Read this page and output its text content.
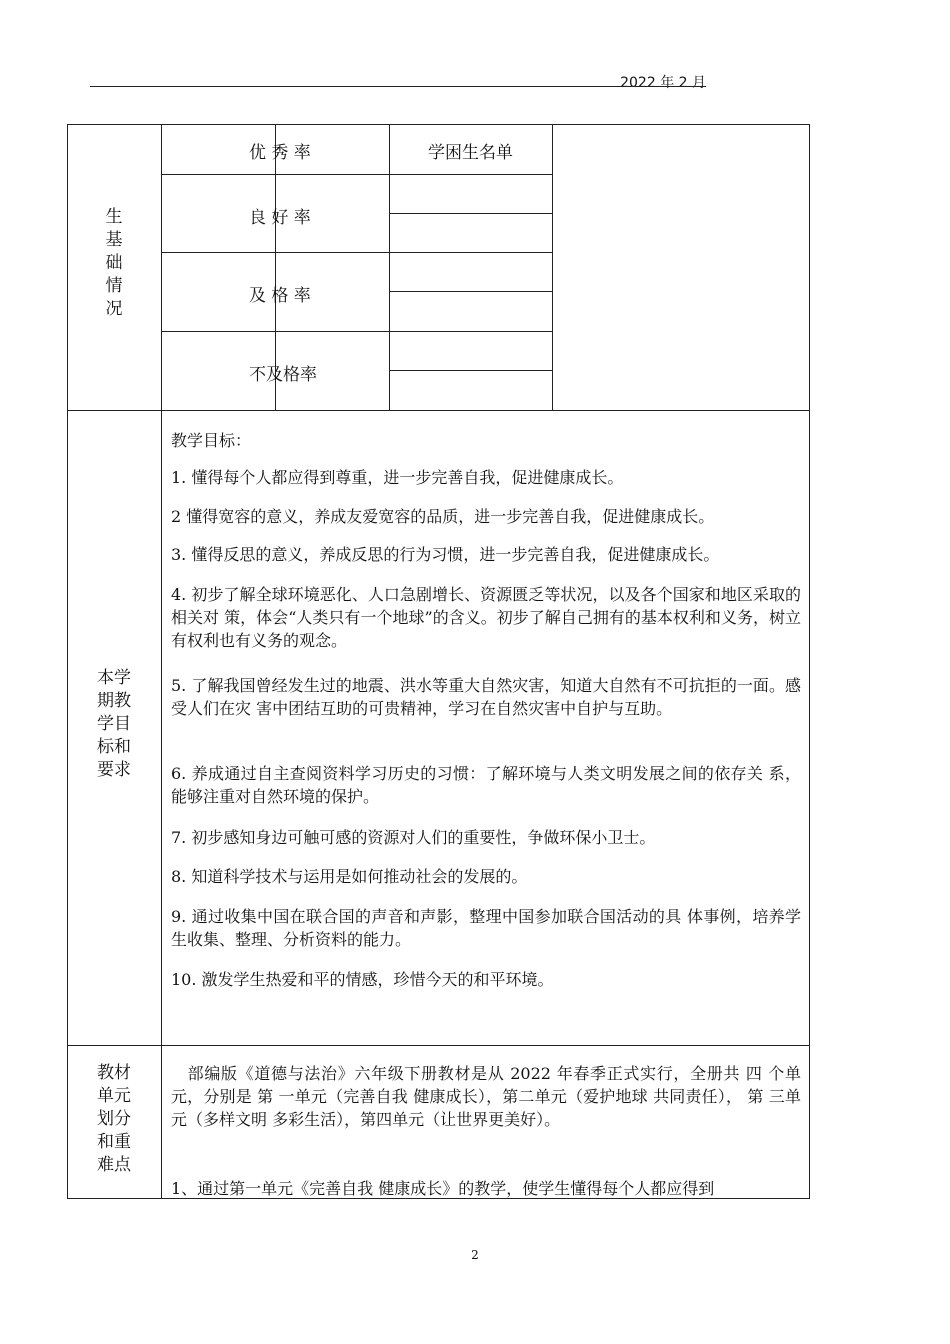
2022 年 2 月
生
基
础
情
况
优 秀 率
良 好 率
及 格 率
不及格率
学困生名单
本学
期教
学目
标和
要求
教材
单元
划分
和重
难点
教学目标：
1. 懂得每个人都应得到尊重，进一步完善自我，促进健康成长。
2 懂得宽容的意义，养成友爱宽容的品质，进一步完善自我，促进健康成长。
3. 懂得反思的意义，养成反思的行为习惯，进一步完善自我，促进健康成长。
4. 初步了解全球环境恶化、人口急剧增长、资源匮乏等状况，以及各个国家和地区采取的相关对 策，体会“人类只有一个地球”的含义。初步了解自己拥有的基本权利和义务，树立有权利也有义务的观念。
5. 了解我国曾经发生过的地震、洪水等重大自然灾害，知道大自然有不可抗拒的一面。感受人们在灾 害中团结互助的可贵精神，学习在自然灾害中自护与互助。
6. 养成通过自主查阅资料学习历史的习惯：了解环境与人类文明发展之间的依存关 系，能够注重对自然环境的保护。
7. 初步感知身边可触可感的资源对人们的重要性，争做环保小卫士。
8. 知道科学技术与运用是如何推动社会的发展的。
9. 通过收集中国在联合国的声音和声影，整理中国参加联合国活动的具 体事例，培养学生收集、整理、分析资料的能力。
10. 激发学生热爱和平的情感，珍惜今天的和平环境。
　部编版《道德与法治》六年级下册教材是从 2022 年春季正式实行，全册共 四 个单元，分别是 第 一单元（完善自我 健康成长），第二单元（爱护地球 共同责任）， 第 三单元（多样文明 多彩生活），第四单元（让世界更美好）。
1、通过第一单元《完善自我 健康成长》的教学，使学生懂得每个人都应得到
2
